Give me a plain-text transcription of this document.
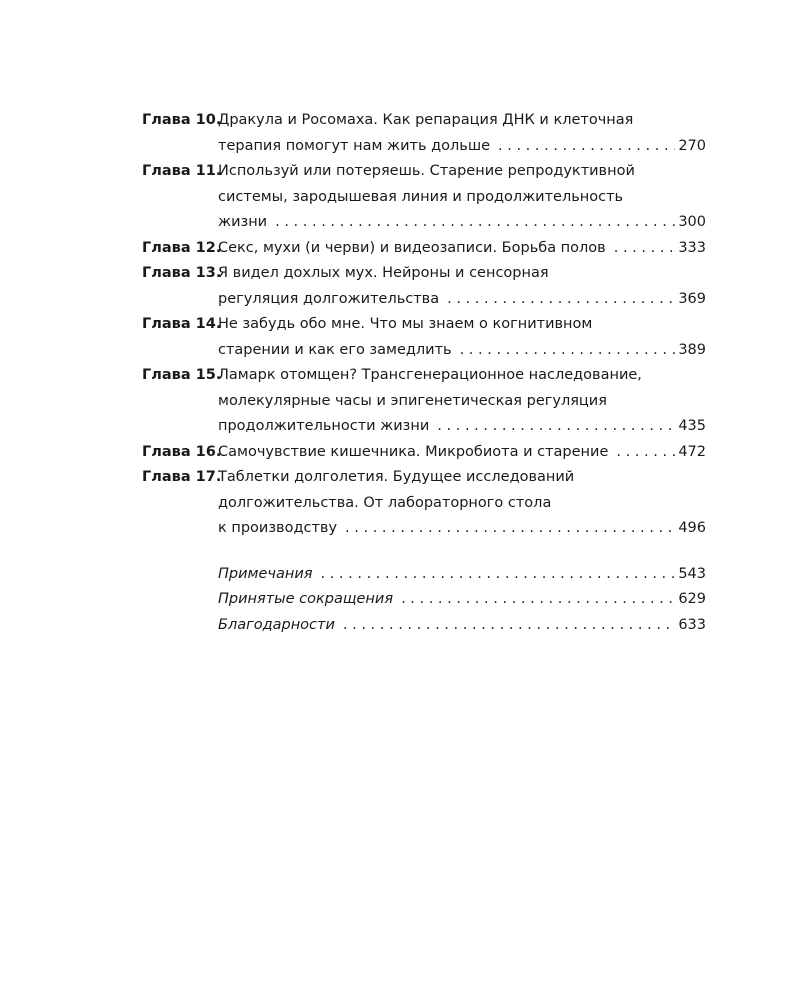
Глава 10.
Дракула и Росомаха. Как репарация ДНК и клеточная
терапия помогут нам жить дольше . . .	270
Глава 11.
Используй или потеряешь. Старение репродуктивной
системы, зародышевая линия и продолжительность
жизни . . .	300
Глава 12.
Секс, мухи (и черви) и видеозаписи. Борьба полов . . .	333
Глава 13.
Я видел дохлых мух. Нейроны и сенсорная
регуляция долгожительства . . .	369
Глава 14.
Не забудь обо мне. Что мы знаем о когнитивном
старении и как его замедлить . . .	389
Глава 15.
Ламарк отомщен? Трансгенерационное наследование,
молекулярные часы и эпигенетическая регуляция
продолжительности жизни . . .	435
Глава 16.
Самочувствие кишечника. Микробиота и старение . . .	472
Глава 17.
Таблетки долголетия. Будущее исследований
долгожительства. От лабораторного стола
к производству . . .	496
Примечания . . .	543
Принятые сокращения . . .	629
Благодарности . . .	633
